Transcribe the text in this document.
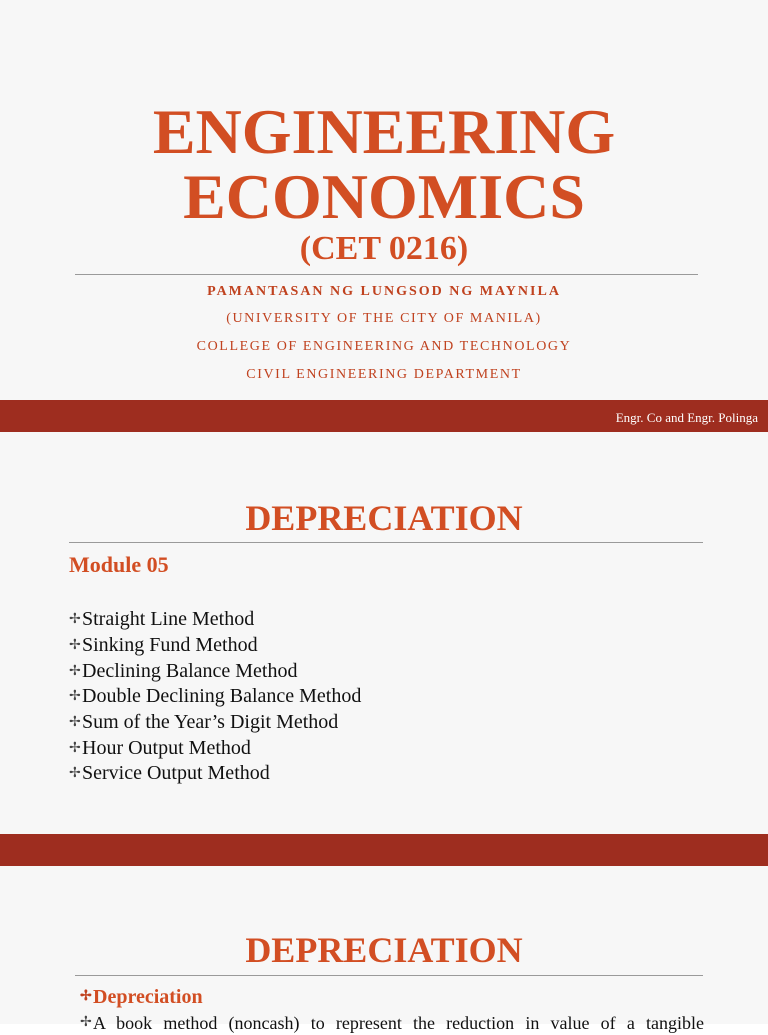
ENGINEERING
ECONOMICS
(CET 0216)
PAMANTASAN NG LUNGSOD NG MAYNILA
(UNIVERSITY OF THE CITY OF MANILA)
COLLEGE OF ENGINEERING AND TECHNOLOGY
CIVIL ENGINEERING DEPARTMENT
Engr. Co and Engr. Polinga
DEPRECIATION
Module 05
✢ Straight Line Method
✢ Sinking Fund Method
✢ Declining Balance Method
✢ Double Declining Balance Method
✢ Sum of the Year’s Digit Method
✢ Hour Output Method
✢ Service Output Method
DEPRECIATION
✢ Depreciation
✢ A book method (noncash) to represent the reduction in value of a tangible
